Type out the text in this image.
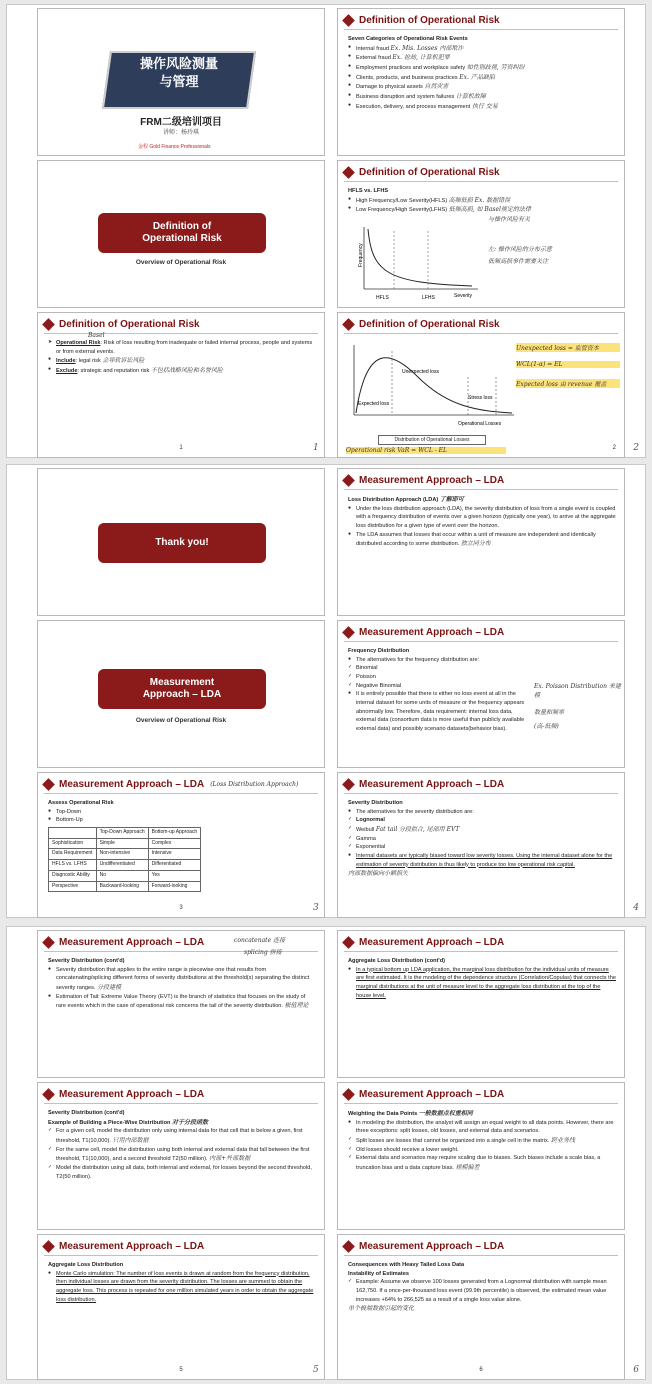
操作风险测量
与管理
FRM二级培训项目
讲师：杨玲琪
金程 Gold Finance Professionals
Definition of
Operational Risk
Overview of Operational Risk
Definition of Operational Risk
➤ Operational Risk: Risk of loss resulting from inadequate or failed internal process, people and systems or from external events.
● Include: legal risk 会导致诉讼风险
● Exclude: strategic and reputation risk 不包括战略风险和名誉风险
Basel
1
Definition of Operational Risk
Seven Categories of Operational Risk Events
● Internal fraud Ex. Mis. Losses 内部欺诈
● External fraud Ex. 抢劫, 计算机犯罪
● Employment practices and workplace safety 如性别歧视, 劳资纠纷
● Clients, products, and business practices Ex. 产品缺陷
● Damage to physical assets 自然灾害
● Business disruption and system failures 计算机故障
● Execution, delivery, and process management 执行 交易
Definition of Operational Risk
HFLS vs. LFHS
● High Frequency/Low Severity(HFLS) 高频低损 Ex. 数据错误
● Low Frequency/High Severity(LFHS) 低频高损, 如 Basel规定的法律
与操作风险有关
左: 操作风险的分布示意
低频高损事件需要关注
Frequency
Severity
HFLS	LFHS
Definition of Operational Risk
Unexpected loss
Expected loss
Stress loss
Operational Losses
Distribution of Operational Losses
Unexpected loss = 监管资本
WCL(1-α) = EL
Expected loss 由 revenue 覆盖
Operational risk VaR = WCL - EL	2
1	2
Thank you!
Measurement
Approach – LDA
Overview of Operational Risk
Measurement Approach – LDA (Loss Distribution Approach)
Assess Operational Risk
● Top-Down
● Bottom-Up
	Top-Down Approach	Bottom-up Approach
Sophistication	Simple	Complex
Data Requirement	Non-intensive	Intensive
HFLS vs. LFHS	Undifferentiated	Differentiated
Diagnostic Ability	No	Yes
Perspective	Backward-looking	Forward-looking
3
Measurement Approach – LDA
Loss Distribution Approach (LDA) 了解即可
● Under the loss distribution approach (LDA), the severity distribution of loss from a single event is coupled with a frequency distribution of events over a given horizon (typically one year), to arrive at the aggregate loss distribution for a given type of event over the horizon.
● The LDA assumes that losses that occur within a unit of measure are independent and identically distributed according to some distribution. 独立同分布
Measurement Approach – LDA
Frequency Distribution
● The alternatives for the frequency distribution are:
✓ Binomial
✓ Poisson
✓ Negative Binomial
● It is entirely possible that there is either no loss event at all in the internal dataset for some units of measure or the frequency appears abnormally low. Therefore, data requirement: internal loss data, external data (consortium data is more useful than publicly available external data) and possibly scenario datasets(behavior bias).
Ex. Poisson Distribution 来建模
数量和频率
(高-低频)
Measurement Approach – LDA
Severity Distribution
● The alternatives for the severity distribution are:
✓ Lognormal
✓ Weibull Fat tail 分段拟合, 尾部用 EVT
✓ Gamma
✓ Exponential
● Internal datasets are typically biased toward low severity losses. Using the internal dataset alone for the estimation of severity distribution is thus likely to produce too low operational risk capital.
内部数据偏向小额损失
3	4
Measurement Approach – LDA	concatenate 连接
splicing 拼接
Severity Distribution (cont'd)
● Severity distribution that applies to the entire range is piecewise one that results from concatenating/splicing different forms of severity distributions at the threshold(s) separating the distinct severity ranges. 分段建模
● Estimation of Tail: Extreme Value Theory (EVT) is the branch of statistics that focuses on the study of rare events which in the case of operational risk concerns the tail of the severity distribution. 极值理论
Measurement Approach – LDA
Severity Distribution (cont'd)
Example of Building a Piece-Wise Distribution 对于分段函数
✓ For a given cell, model the distribution only using internal data for that cell that is below a given, first threshold, T1(10,000). 只用内部数据
✓ For the same cell, model the distribution using both internal and external data that fall between the first threshold, T1(10,000), and a second threshold T2(50 million). 内部+外部数据
✓ Model the distribution using all data, both internal and external, for losses beyond the second threshold, T2(50 million).
Measurement Approach – LDA
Aggregate Loss Distribution
● Monte Carlo simulation: The number of loss events is drawn at random from the frequency distribution, then individual losses are drawn from the severity distribution. The losses are summed to obtain the aggregate loss. This process is repeated for one million simulated years in order to obtain the aggregate loss distribution.
5
Measurement Approach – LDA
Aggregate Loss Distribution (cont'd)
● In a typical bottom up LDA application, the marginal loss distribution for the individual units of measure are first estimated. It is the modeling of the dependence structure (Correlation/Copulas) that connects the marginal distributions at the unit of measure level to the aggregate loss distribution at the top of the house level.
Measurement Approach – LDA
Weighting the Data Points 一般数据点权重相同
● In modeling the distribution, the analyst will assign an equal weight to all data points. However, there are three exceptions: split losses, old losses, and external data and scenarios.
✓ Split losses are losses that cannot be organized into a single cell in the matrix. 跨业务线
✓ Old losses should receive a lower weight.
✓ External data and scenarios may require scaling due to biases. Such biases include a scale bias, a truncation bias and a data capture bias. 规模偏差
Measurement Approach – LDA
Consequences with Heavy Tailed Loss Data
Instability of Estimates
✓ Example: Assume we observe 100 losses generated from a Lognormal distribution with sample mean 162,750. If a once-per-thousand loss event (99.9th percentile) is observed, the estimated mean value increases +64% to 266,525 as a result of a single loss value alone.
单个极端数据引起的变化
6
5	6
